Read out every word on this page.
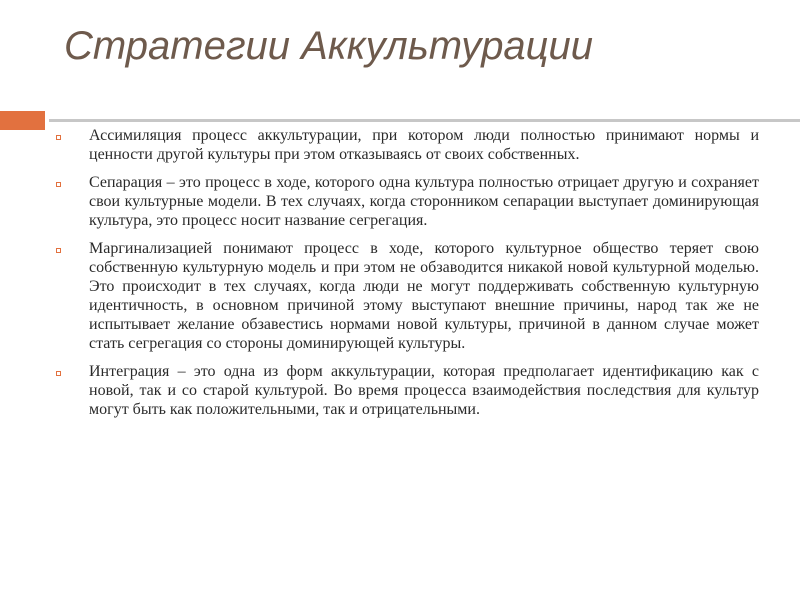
Стратегии Аккультурации
Ассимиляция процесс аккультурации, при котором люди полностью принимают нормы и ценности другой культуры при этом отказываясь от своих собственных.
Сепарация – это процесс в ходе, которого одна культура полностью отрицает другую и сохраняет свои культурные модели. В тех случаях, когда сторонником сепарации выступает доминирующая культура, это процесс носит название сегрегация.
Маргинализацией понимают процесс в ходе, которого культурное общество теряет свою собственную культурную модель и при этом не обзаводится никакой новой культурной моделью. Это происходит в тех случаях, когда люди не могут поддерживать собственную культурную идентичность, в основном причиной этому выступают внешние причины, народ так же не испытывает желание обзавестись нормами новой культуры, причиной в данном случае может стать сегрегация со стороны доминирующей культуры.
Интеграция – это одна из форм аккультурации, которая предполагает идентификацию как с новой, так и со старой культурой. Во время процесса взаимодействия последствия для культур могут быть как положительными, так и отрицательными.
